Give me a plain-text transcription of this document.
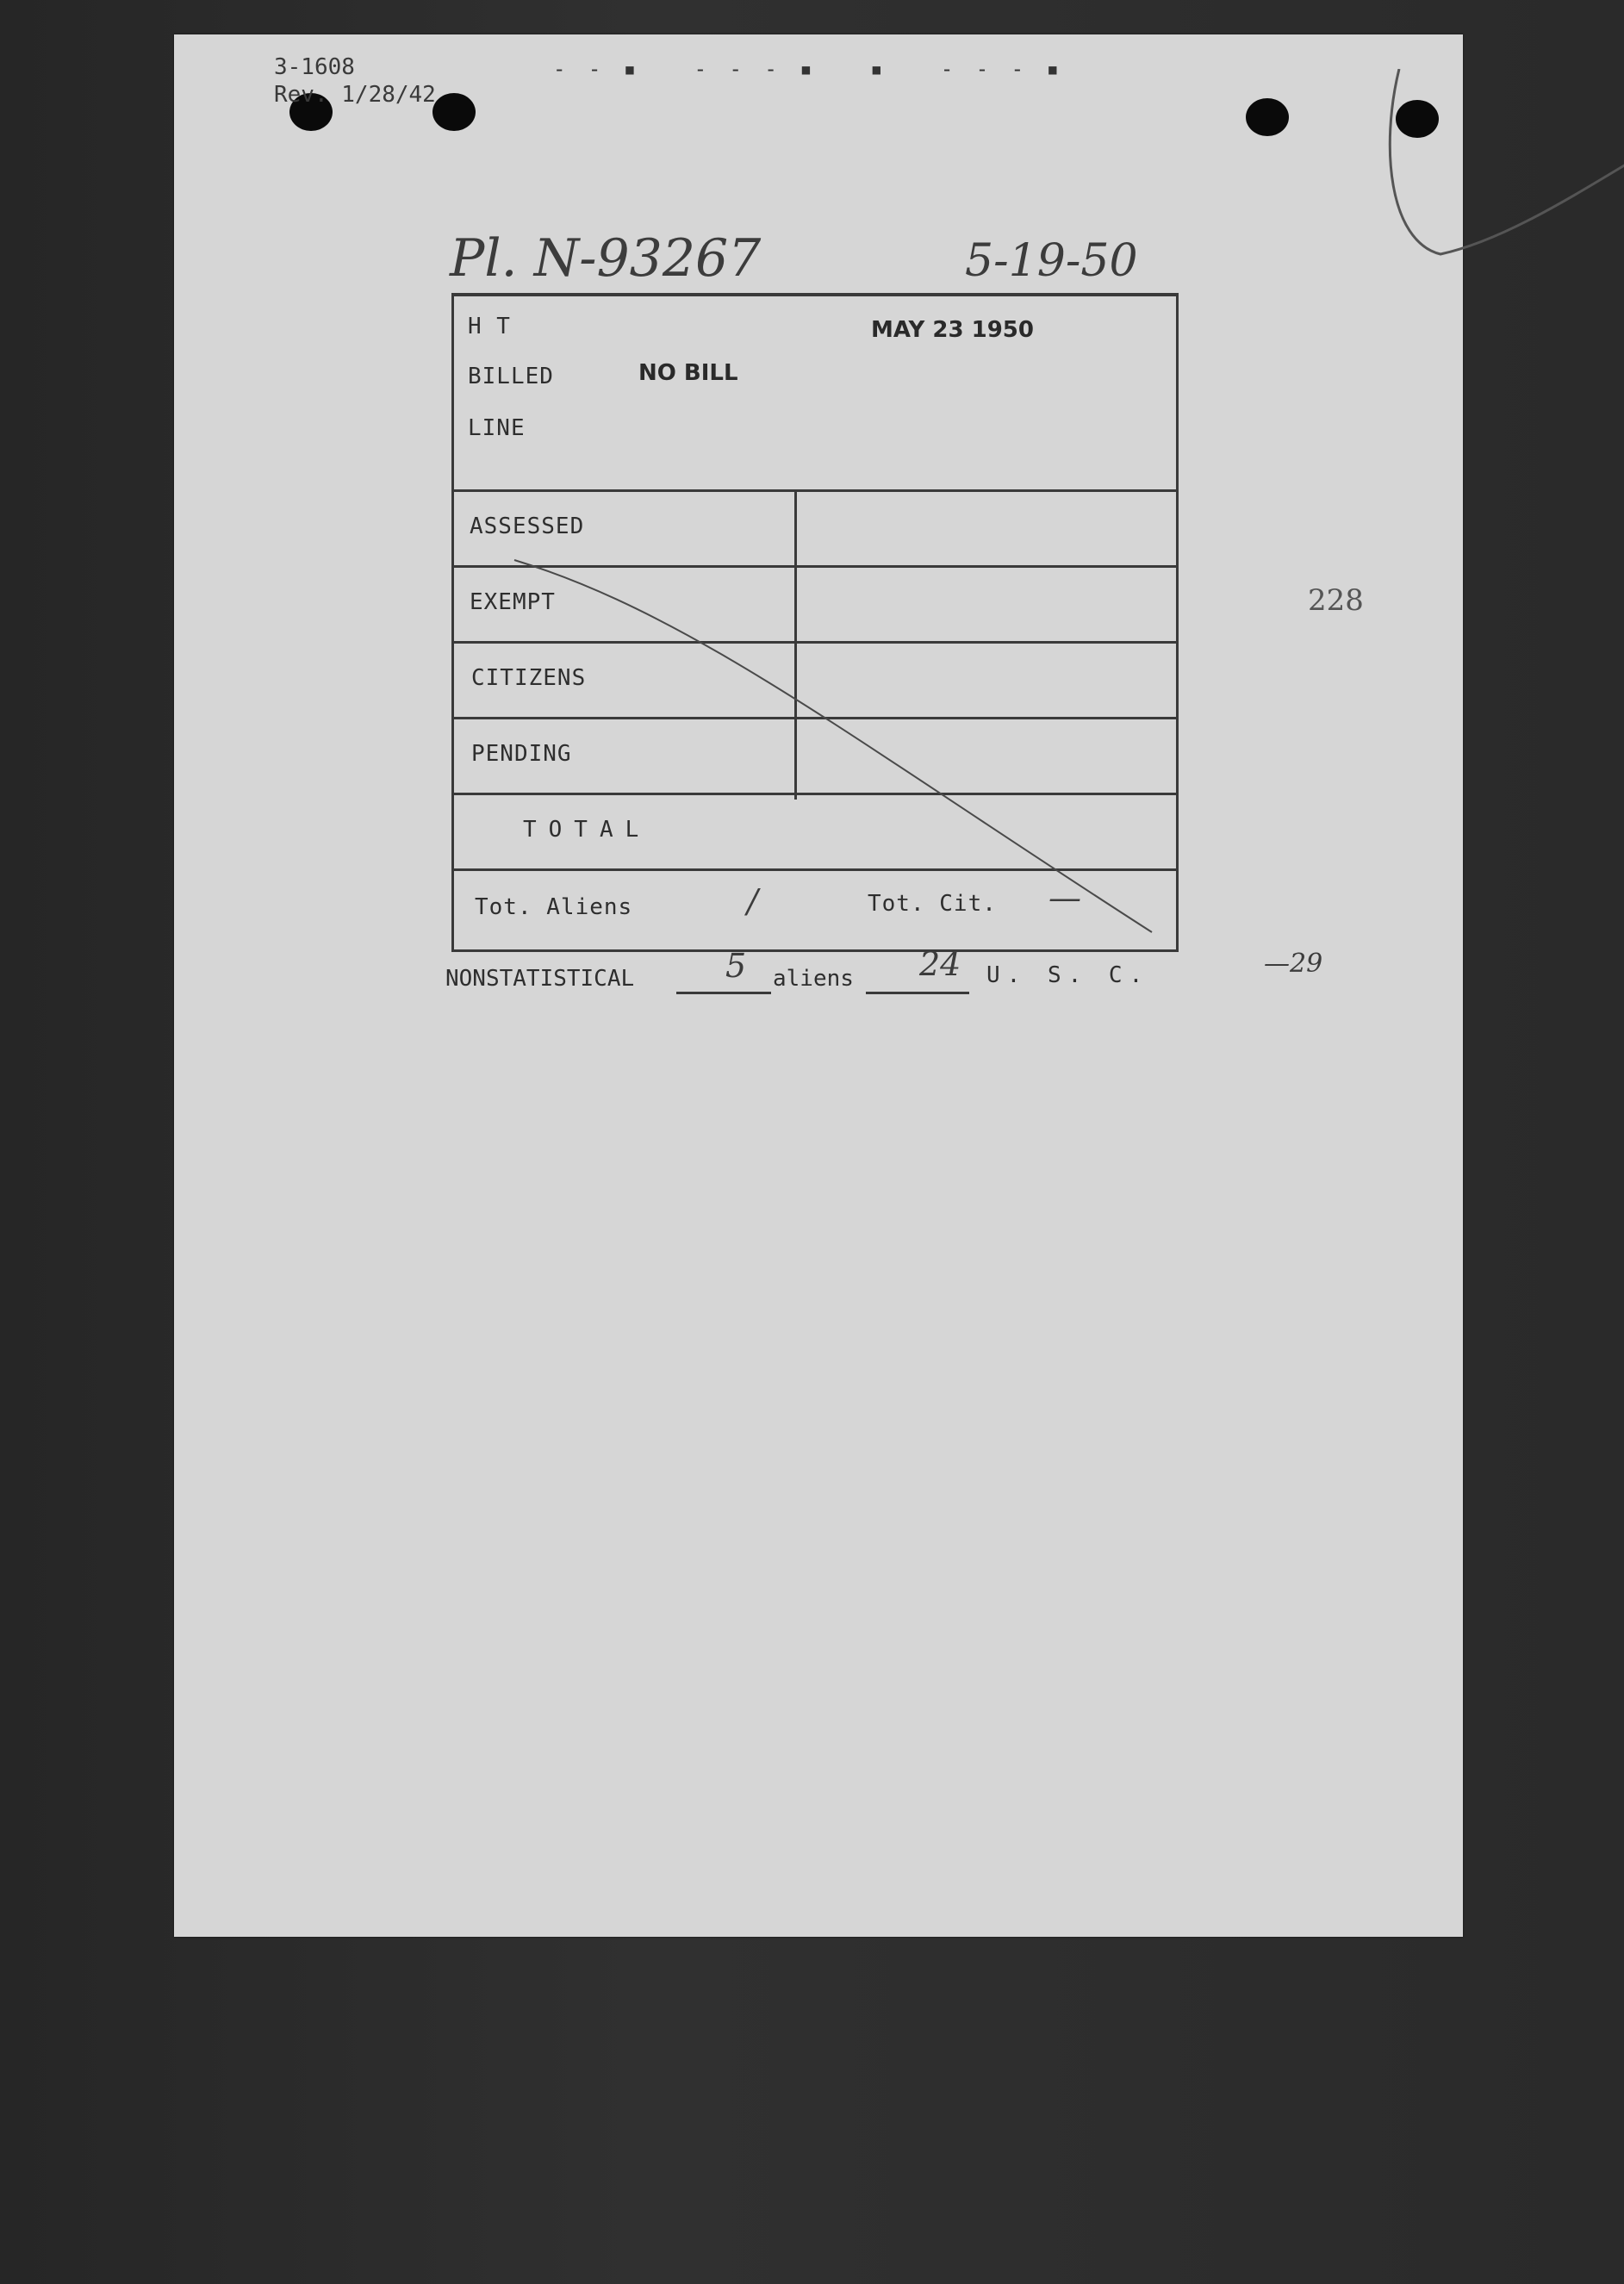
3-1608
Rev. 1/28/42
- - ▪   - - - ▪   ▪   - - - ▪
Pl. N-93267	5-19-50
228
H T
BILLED	NO BILL
MAY 23 1950
LINE
ASSESSED
EXEMPT
CITIZENS
PENDING
TOTAL
Tot. Aliens	/	Tot. Cit. —
NONSTATISTICAL	5 aliens 24 U. S. C.	—29
